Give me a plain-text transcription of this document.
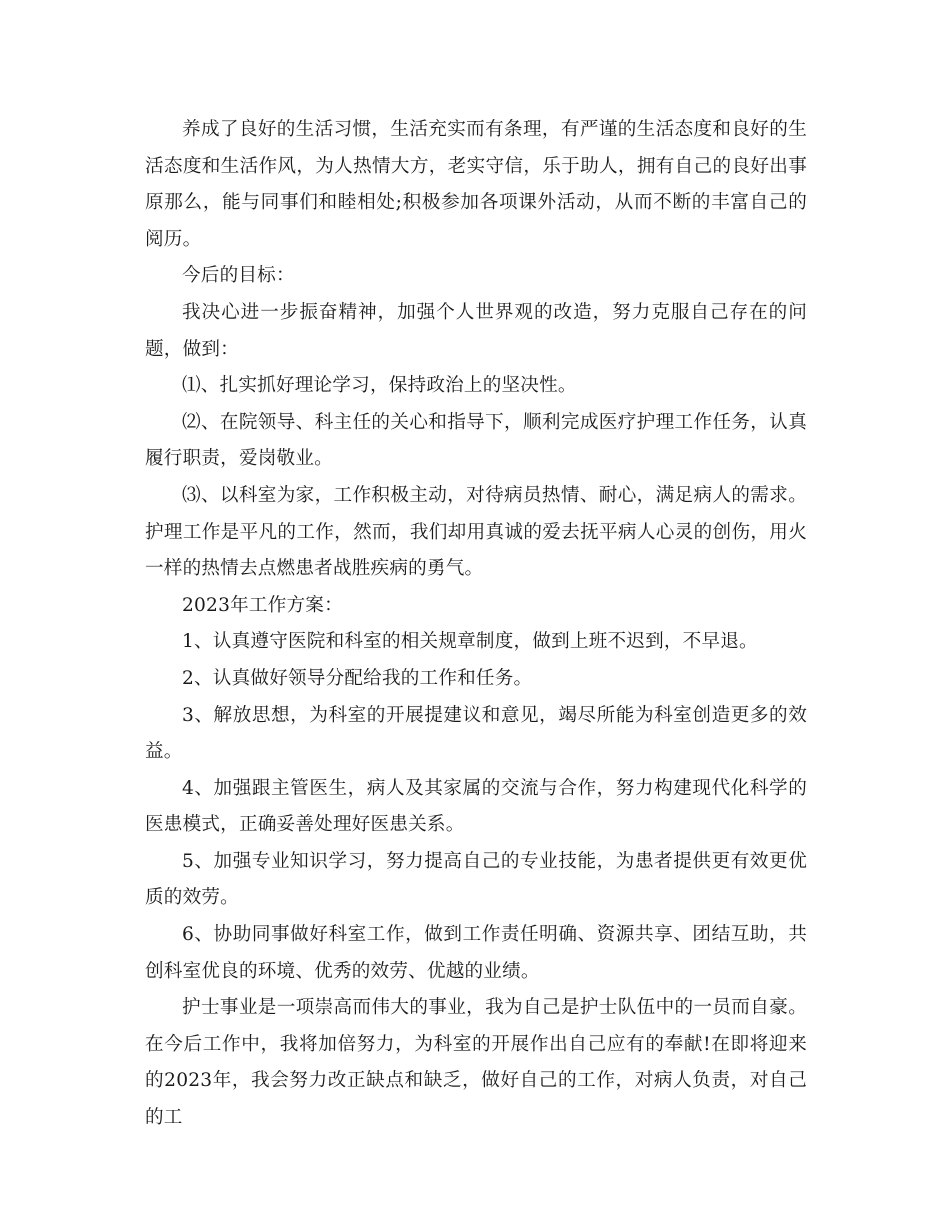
养成了良好的生活习惯，生活充实而有条理，有严谨的生活态度和良好的生活态度和生活作风，为人热情大方，老实守信，乐于助人，拥有自己的良好出事原那么，能与同事们和睦相处;积极参加各项课外活动，从而不断的丰富自己的阅历。

今后的目标：

我决心进一步振奋精神，加强个人世界观的改造，努力克服自己存在的问题，做到：

⑴、扎实抓好理论学习，保持政治上的坚决性。

⑵、在院领导、科主任的关心和指导下，顺利完成医疗护理工作任务，认真履行职责，爱岗敬业。

⑶、以科室为家，工作积极主动，对待病员热情、耐心，满足病人的需求。护理工作是平凡的工作，然而，我们却用真诚的爱去抚平病人心灵的创伤，用火一样的热情去点燃患者战胜疾病的勇气。

2023年工作方案：

1、认真遵守医院和科室的相关规章制度，做到上班不迟到，不早退。

2、认真做好领导分配给我的工作和任务。

3、解放思想，为科室的开展提建议和意见，竭尽所能为科室创造更多的效益。

4、加强跟主管医生，病人及其家属的交流与合作，努力构建现代化科学的医患模式，正确妥善处理好医患关系。

5、加强专业知识学习，努力提高自己的专业技能，为患者提供更有效更优质的效劳。

6、协助同事做好科室工作，做到工作责任明确、资源共享、团结互助，共创科室优良的环境、优秀的效劳、优越的业绩。

护士事业是一项崇高而伟大的事业，我为自己是护士队伍中的一员而自豪。在今后工作中，我将加倍努力，为科室的开展作出自己应有的奉献!在即将迎来的2023年，我会努力改正缺点和缺乏，做好自己的工作，对病人负责，对自己的工
